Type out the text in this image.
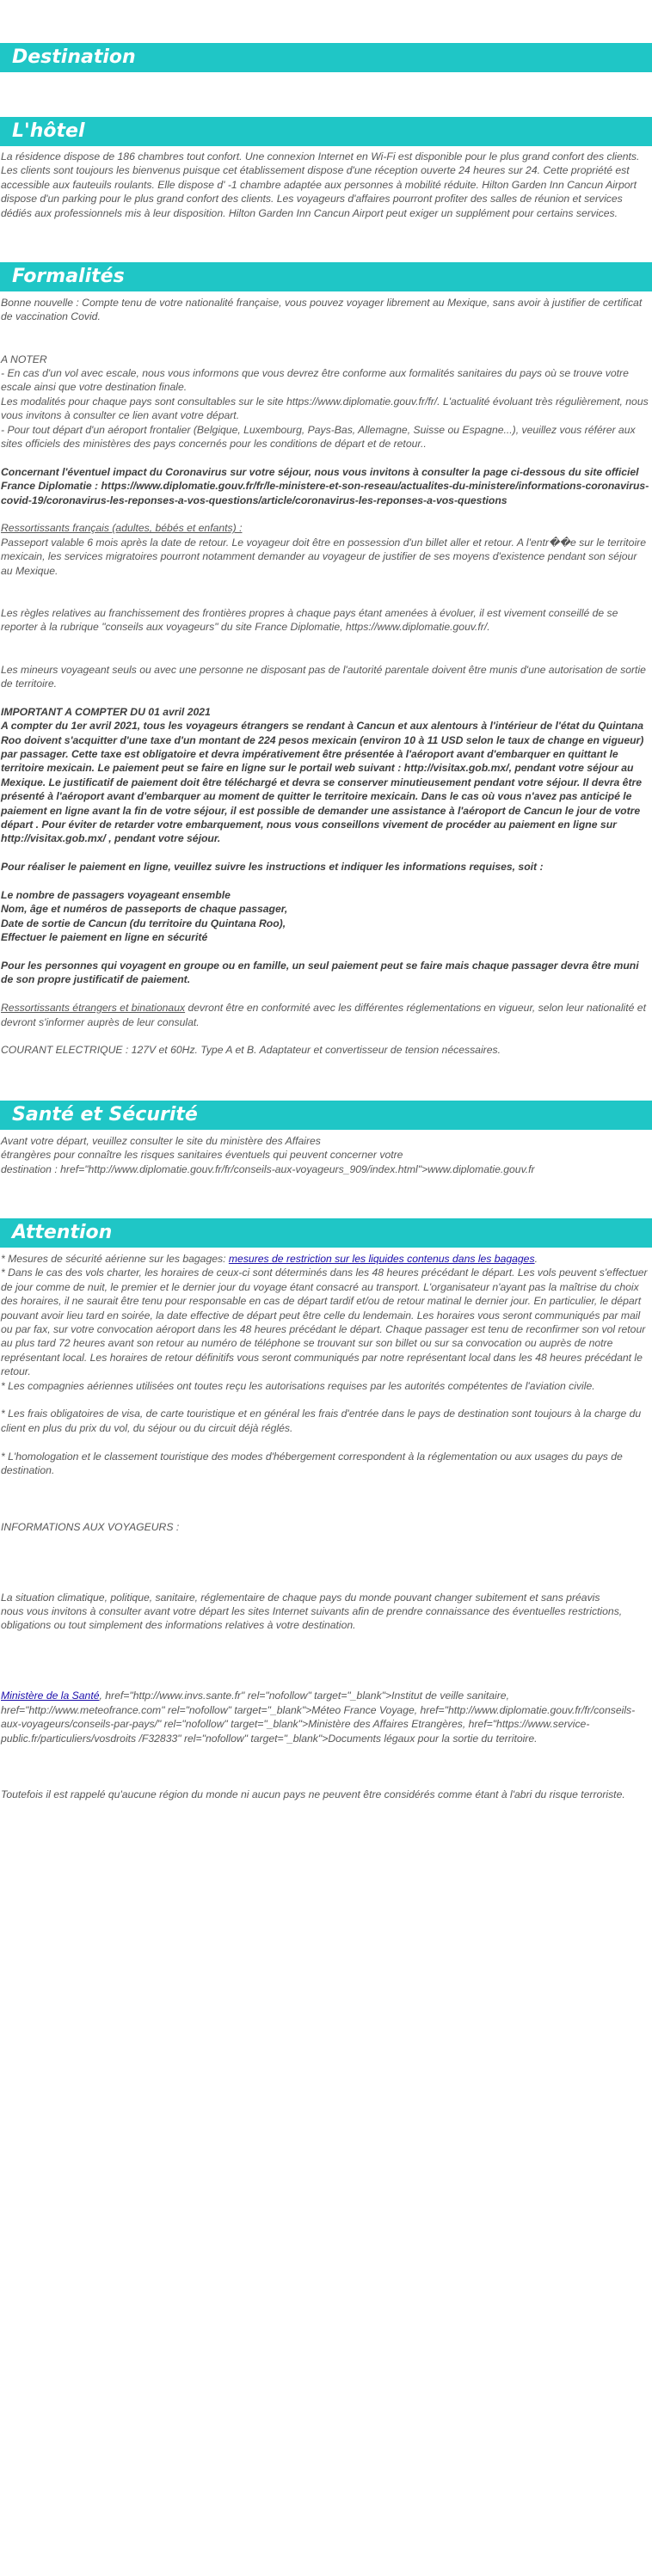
Destination
L'hôtel

La résidence dispose de 186 chambres tout confort. Une connexion Internet en Wi-Fi est disponible pour le plus grand confort des clients. Les clients sont toujours les bienvenus puisque cet établissement dispose d'une réception ouverte 24 heures sur 24. Cette propriété est accessible aux fauteuils roulants. Elle dispose d' -1 chambre adaptée aux personnes à mobilité réduite. Hilton Garden Inn Cancun Airport dispose d'un parking pour le plus grand confort des clients. Les voyageurs d'affaires pourront profiter des salles de réunion et services dédiés aux professionnels mis à leur disposition. Hilton Garden Inn Cancun Airport peut exiger un supplément pour certains services.

Formalités

Bonne nouvelle : Compte tenu de votre nationalité française, vous pouvez voyager librement au Mexique, sans avoir à justifier de certificat de vaccination Covid.

A NOTER

- En cas d'un vol avec escale, nous vous informons que vous devrez être conforme aux formalités sanitaires du pays où se trouve votre escale ainsi que votre destination finale.

Les modalités pour chaque pays sont consultables sur le site https://www.diplomatie.gouv.fr/fr/. L'actualité évoluant très régulièrement, nous vous invitons à consulter ce lien avant votre départ.

- Pour tout départ d'un aéroport frontalier (Belgique, Luxembourg, Pays-Bas, Allemagne, Suisse ou Espagne...), veuillez vous référer aux sites officiels des ministères des pays concernés pour les conditions de départ et de retour..

Concernant l'éventuel impact du Coronavirus sur votre séjour, nous vous invitons à consulter la page ci-dessous du site officiel France Diplomatie : https://www.diplomatie.gouv.fr/fr/le-ministere-et-son-reseau/actualites-du-ministere/informations-coronavirus-covid-19/coronavirus-les-reponses-a-vos-questions/article/coronavirus-les-reponses-a-vos-questions

Ressortissants français (adultes, bébés et enfants) :

Passeport valable 6 mois après la date de retour. Le voyageur doit être en possession d'un billet aller et retour. A l'entr��e sur le territoire mexicain, les services migratoires pourront notamment demander au voyageur de justifier de ses moyens d'existence pendant son séjour au Mexique.

Les règles relatives au franchissement des frontières propres à chaque pays étant amenées à évoluer, il est vivement conseillé de se reporter à la rubrique "conseils aux voyageurs" du site France Diplomatie, https://www.diplomatie.gouv.fr/.

Les mineurs voyageant seuls ou avec une personne ne disposant pas de l'autorité parentale doivent être munis d'une autorisation de sortie de territoire.

IMPORTANT A COMPTER DU 01 avril 2021

A compter du 1er avril 2021, tous les voyageurs étrangers se rendant à Cancun et aux alentours à l'intérieur de l'état du Quintana Roo doivent s'acquitter d'une taxe d'un montant de 224 pesos mexicain (environ 10 à 11 USD selon le taux de change en vigueur) par passager. Cette taxe est obligatoire et devra impérativement être présentée à l'aéroport avant d'embarquer en quittant le territoire mexicain. Le paiement peut se faire en ligne sur le portail web suivant : http://visitax.gob.mx/, pendant votre séjour au Mexique. Le justificatif de paiement doit être téléchargé et devra se conserver minutieusement pendant votre séjour. Il devra être présenté à l'aéroport avant d'embarquer au moment de quitter le territoire mexicain. Dans le cas où vous n'avez pas anticipé le paiement en ligne avant la fin de votre séjour, il est possible de demander une assistance à l'aéroport de Cancun le jour de votre départ . Pour éviter de retarder votre embarquement, nous vous conseillons vivement de procéder au paiement en ligne sur http://visitax.gob.mx/ , pendant votre séjour.

Pour réaliser le paiement en ligne, veuillez suivre les instructions et indiquer les informations requises, soit :

Le nombre de passagers voyageant ensemble

Nom, âge et numéros de passeports de chaque passager,

Date de sortie de Cancun (du territoire du Quintana Roo),

Effectuer le paiement en ligne en sécurité

Pour les personnes qui voyagent en groupe ou en famille, un seul paiement peut se faire mais chaque passager devra être muni de son propre justificatif de paiement.

Ressortissants étrangers et binationaux devront être en conformité avec les différentes réglementations en vigueur, selon leur nationalité et devront s'informer auprès de leur consulat.

COURANT ELECTRIQUE : 127V et 60Hz. Type A et B. Adaptateur et convertisseur de tension nécessaires.

Santé et Sécurité

Avant votre départ, veuillez consulter le site du ministère des Affaires

étrangères pour connaître les risques sanitaires éventuels qui peuvent concerner votre

destination : href="http://www.diplomatie.gouv.fr/fr/conseils-aux-voyageurs_909/index.html">www.diplomatie.gouv.fr

Attention

* Mesures de sécurité aérienne sur les bagages: mesures de restriction sur les liquides contenus dans les bagages.

* Dans le cas des vols charter, les horaires de ceux-ci sont déterminés dans les 48 heures précédant le départ. Les vols peuvent s'effectuer de jour comme de nuit, le premier et le dernier jour du voyage étant consacré au transport. L'organisateur n'ayant pas la maîtrise du choix des horaires, il ne saurait être tenu pour responsable en cas de départ tardif et/ou de retour matinal le dernier jour. En particulier, le départ pouvant avoir lieu tard en soirée, la date effective de départ peut être celle du lendemain. Les horaires vous seront communiqués par mail ou par fax, sur votre convocation aéroport dans les 48 heures précédant le départ. Chaque passager est tenu de reconfirmer son vol retour au plus tard 72 heures avant son retour au numéro de téléphone se trouvant sur son billet ou sur sa convocation ou auprès de notre représentant local. Les horaires de retour définitifs vous seront communiqués par notre représentant local dans les 48 heures précédant le retour.

* Les compagnies aériennes utilisées ont toutes reçu les autorisations requises par les autorités compétentes de l'aviation civile.

* Les frais obligatoires de visa, de carte touristique et en général les frais d'entrée dans le pays de destination sont toujours à la charge du client en plus du prix du vol, du séjour ou du circuit déjà réglés.

* L'homologation et le classement touristique des modes d'hébergement correspondent à la réglementation ou aux usages du pays de destination.

INFORMATIONS AUX VOYAGEURS :

La situation climatique, politique, sanitaire, réglementaire de chaque pays du monde pouvant changer subitement et sans préavis

nous vous invitons à consulter avant votre départ les sites Internet suivants afin de prendre connaissance des éventuelles restrictions, obligations ou tout simplement des informations relatives à votre destination.

Ministère de la Santé, href="http://www.invs.sante.fr" rel="nofollow" target="_blank">Institut de veille sanitaire, href="http://www.meteofrance.com" rel="nofollow" target="_blank">Méteo France Voyage, href="http://www.diplomatie.gouv.fr/fr/conseils-aux-voyageurs/conseils-par-pays/" rel="nofollow" target="_blank">Ministère des Affaires Etrangères, href="https://www.service-public.fr/particuliers/vosdroits /F32833" rel="nofollow" target="_blank">Documents légaux pour la sortie du territoire.

Toutefois il est rappelé qu'aucune région du monde ni aucun pays ne peuvent être considérés comme étant à l'abri du risque terroriste.
